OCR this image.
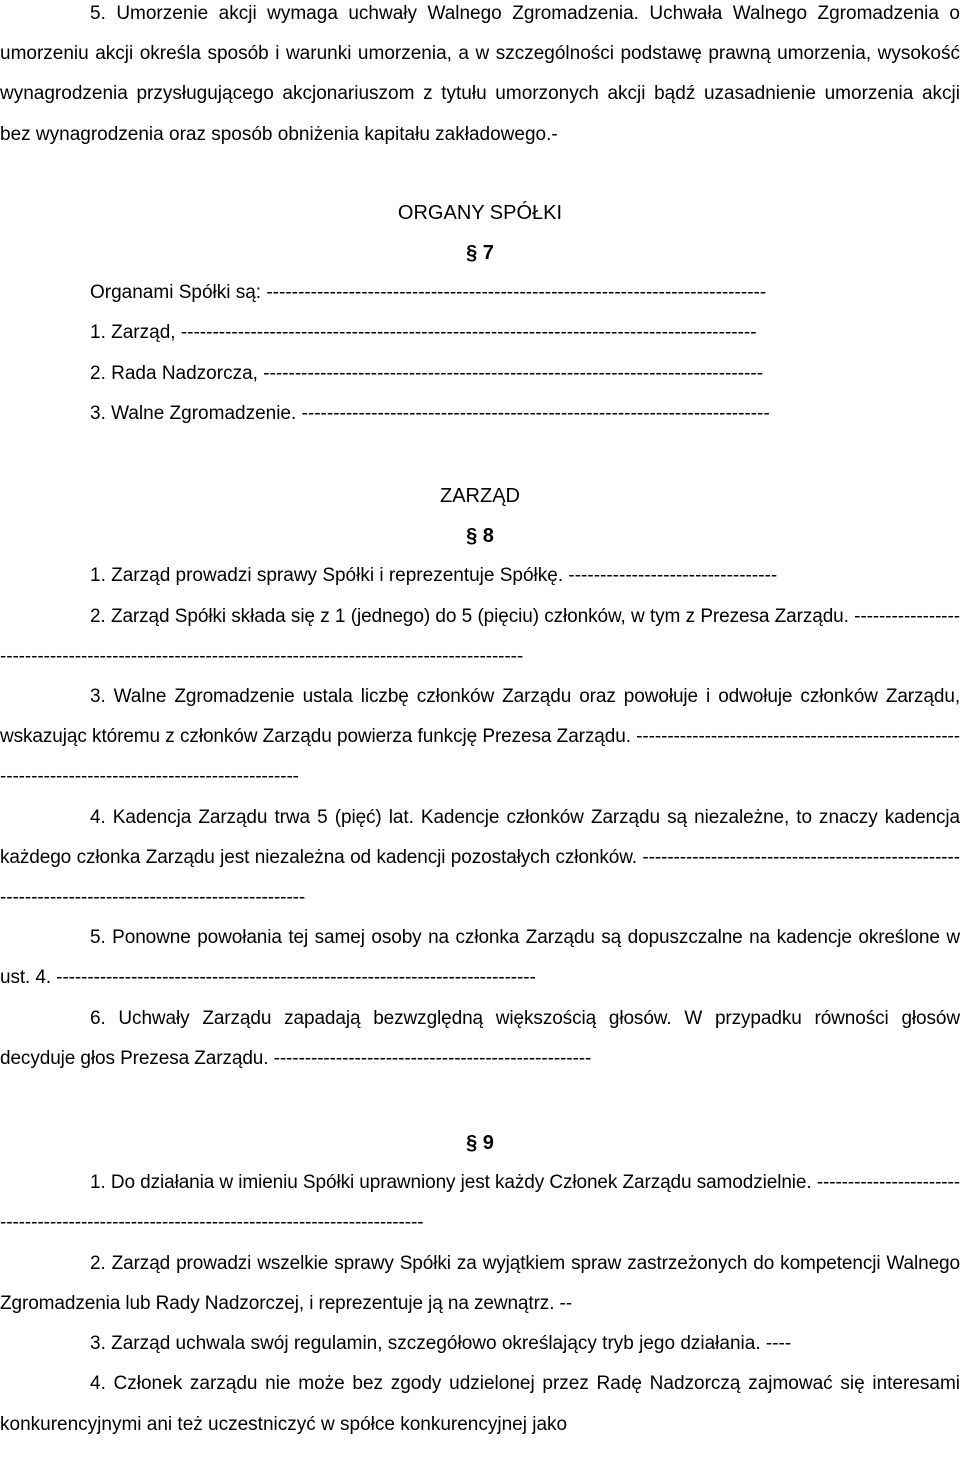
5. Umorzenie akcji wymaga uchwały Walnego Zgromadzenia. Uchwała Walnego Zgromadzenia o umorzeniu akcji określa sposób i warunki umorzenia, a w szczególności podstawę prawną umorzenia, wysokość wynagrodzenia przysługującego akcjonariuszom z tytułu umorzonych akcji bądź uzasadnienie umorzenia akcji bez wynagrodzenia oraz sposób obniżenia kapitału zakładowego.-

ORGANY SPÓŁKI

§ 7

Organami Spółki są: -------------------------------------------------------------------------------

1. Zarząd, -------------------------------------------------------------------------------------------

2. Rada Nadzorcza, -------------------------------------------------------------------------------

3. Walne Zgromadzenie. --------------------------------------------------------------------------

ZARZĄD

§ 8

1. Zarząd prowadzi sprawy Spółki i reprezentuje Spółkę. ---------------------------------

2. Zarząd Spółki składa się z 1 (jednego) do 5 (pięciu) członków, w tym z Prezesa Zarządu. -----------------------------------------------------------------------------------------------------

3. Walne Zgromadzenie ustala liczbę członków Zarządu oraz powołuje i odwołuje członków Zarządu, wskazując któremu z członków Zarządu powierza funkcję Prezesa Zarządu. ----------------------------------------------------------------------------------------------------

4. Kadencja Zarządu trwa 5 (pięć) lat. Kadencje członków Zarządu są niezależne, to znaczy kadencja każdego członka Zarządu jest niezależna od kadencji pozostałych członków. ----------------------------------------------------------------------------------------------------

5. Ponowne powołania tej samej osoby na członka Zarządu są dopuszczalne na kadencje określone w ust. 4. -----------------------------------------------------------------------------

6. Uchwały Zarządu zapadają bezwzględną większością głosów. W przypadku równości głosów decyduje głos Prezesa Zarządu. ---------------------------------------------------

§ 9

1. Do działania w imieniu Spółki uprawniony jest każdy Członek Zarządu samodzielnie. -------------------------------------------------------------------------------------------

2. Zarząd prowadzi wszelkie sprawy Spółki za wyjątkiem spraw zastrzeżonych do kompetencji Walnego Zgromadzenia lub Rady Nadzorczej, i reprezentuje ją na zewnątrz. --

3. Zarząd uchwala swój regulamin, szczegółowo określający tryb jego działania. ----

4. Członek zarządu nie może bez zgody udzielonej przez Radę Nadzorczą zajmować się interesami konkurencyjnymi ani też uczestniczyć w spółce konkurencyjnej jako
